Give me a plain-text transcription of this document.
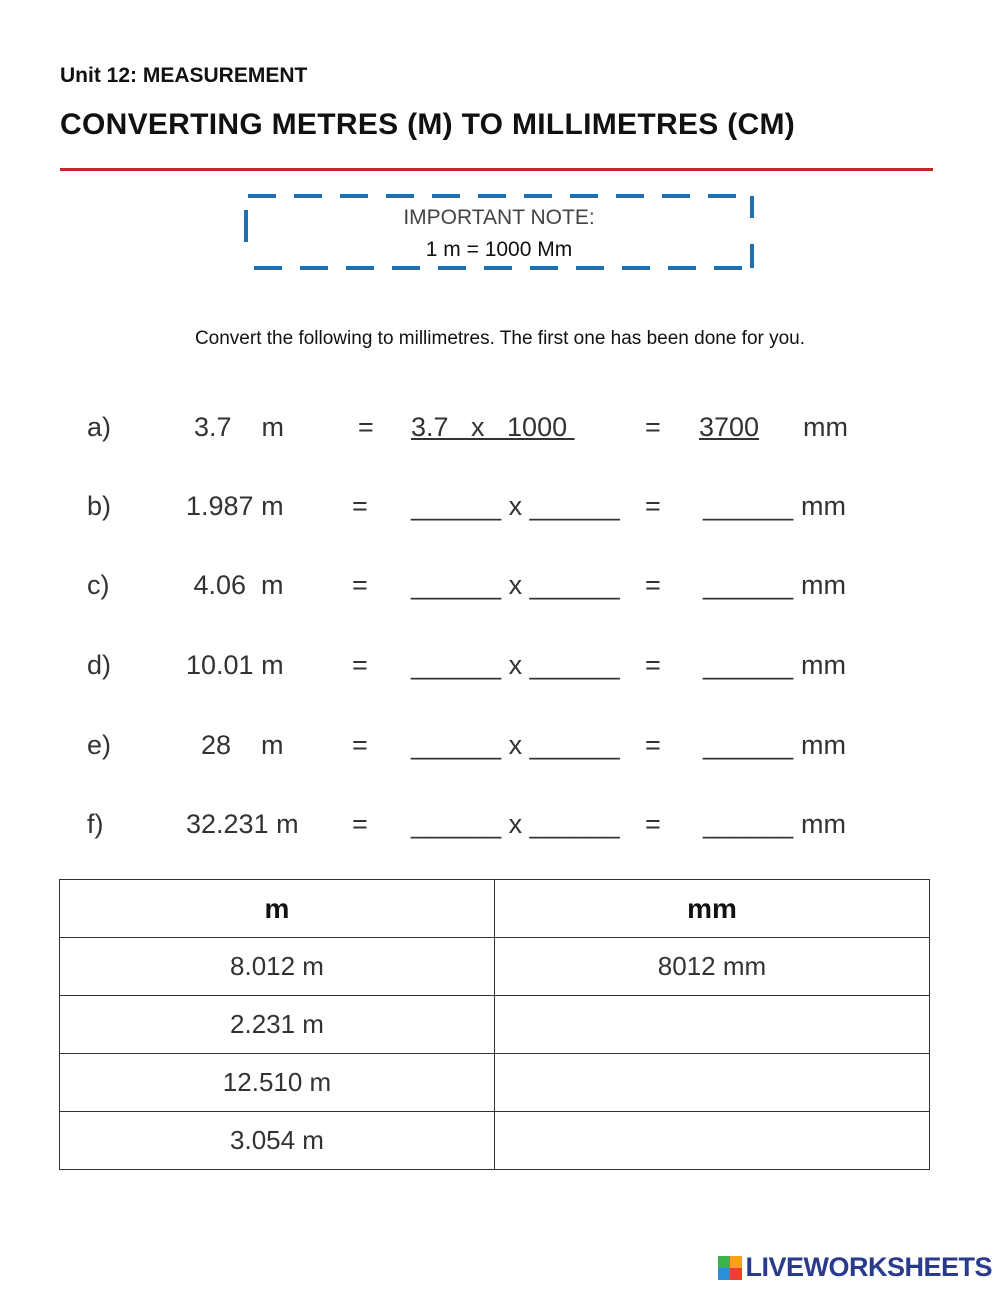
Unit 12: MEASUREMENT
CONVERTING METRES (M) TO MILLIMETRES (CM)
IMPORTANT NOTE:
1 m = 1000 Mm
Convert the following to millimetres. The first one has been done for you.
a)	3.7    m	= 3.7   x   1000	= 3700 mm
b)	1.987 m	= ______ x ______ = ______ mm
c)	4.06  m	= ______ x ______ = ______ mm
d)	10.01 m	= ______ x ______ = ______ mm
e)	28    m	= ______ x ______ = ______ mm
f)	32.231 m = ______ x ______ = ______ mm
m	mm
8.012 m	8012 mm
2.231 m	
12.510 m	
3.054 m	
LIVEWORKSHEETS
